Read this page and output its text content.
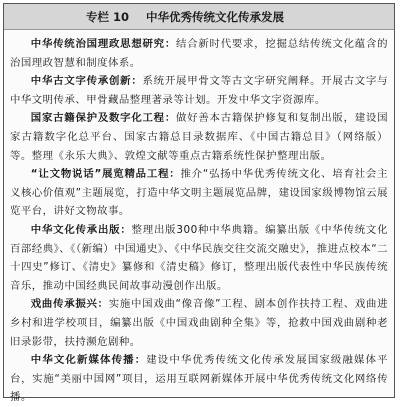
专栏 10 中华优秀传统文化传承发展

中华传统治国理政思想研究：结合新时代要求，挖掘总结传统文化蕴含的治国理政智慧和制度体系。

中华古文字传承创新：系统开展甲骨文等古文字研究阐释。开展古文字与中华文明传承、甲骨藏品整理著录等计划。开发中华文字资源库。

国家古籍保护及数字化工程：做好善本古籍保护修复和复制出版，建设国家古籍数字化总平台、国家古籍总目录数据库、《中国古籍总目》（网络版）等。整理《永乐大典》、敦煌文献等重点古籍系统性保护整理出版。

“让文物说话”展览精品工程：推介“弘扬中华优秀传统文化、培育社会主义核心价值观”主题展览，打造中华文明主题展览品牌，建设国家级博物馆云展览平台，讲好文物故事。

中华文化传承出版：整理出版300种中华典籍。编纂出版《中华传统文化百部经典》、《（新编）中国通史》、《中华民族交往交流交融史》，推进点校本“二十四史”修订、《清史》纂修和《清史稿》修订，整理出版代表性中华民族传统音乐，推动中国经典民间故事动漫创作出版。

戏曲传承振兴：实施中国戏曲“像音像”工程、剧本创作扶持工程、戏曲进乡村和进学校项目，编纂出版《中国戏曲剧种全集》等，抢救中国戏曲剧种老旧录影带，扶持濒危剧种。

中华文化新媒体传播：建设中华优秀传统文化传承发展国家级融媒体平台，实施“美丽中国网”项目，运用互联网新媒体开展中华优秀传统文化网络传播。
